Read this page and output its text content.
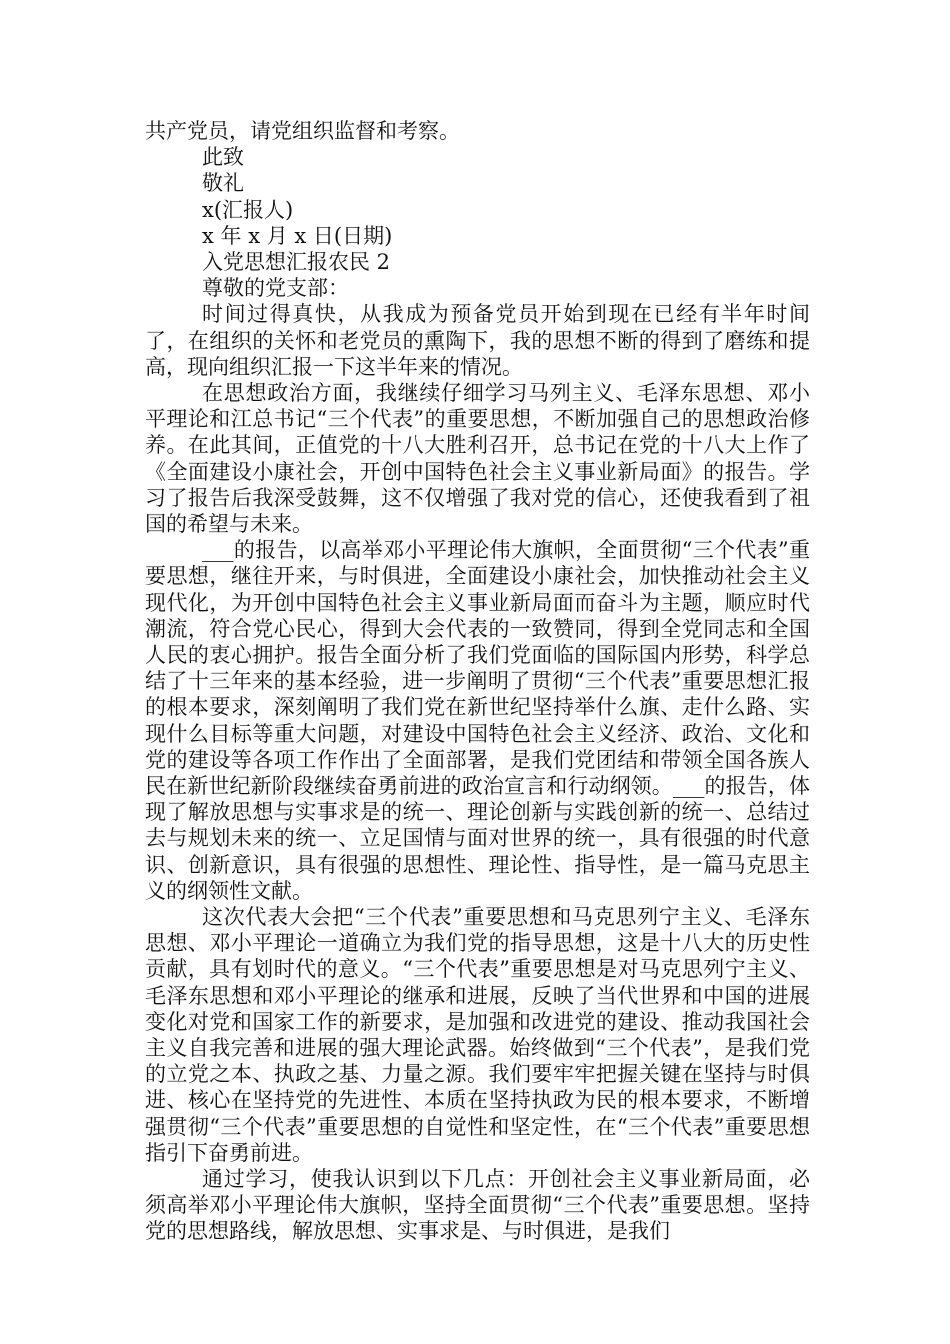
共产党员，请党组织监督和考察。
此致
敬礼
x(汇报人)
x 年 x 月 x 日(日期)
入党思想汇报农民 2
尊敬的党支部：

时间过得真快，从我成为预备党员开始到现在已经有半年时间了，在组织的关怀和老党员的熏陶下，我的思想不断的得到了磨练和提高，现向组织汇报一下这半年来的情况。

在思想政治方面，我继续仔细学习马列主义、毛泽东思想、邓小平理论和江总书记“三个代表”的重要思想，不断加强自己的思想政治修养。在此其间，正值党的十八大胜利召开，总书记在党的十八大上作了《全面建设小康社会，开创中国特色社会主义事业新局面》的报告。学习了报告后我深受鼓舞，这不仅增强了我对党的信心，还使我看到了祖国的希望与未来。

___的报告，以高举邓小平理论伟大旗帜，全面贯彻“三个代表”重要思想，继往开来，与时俱进，全面建设小康社会，加快推动社会主义现代化，为开创中国特色社会主义事业新局面而奋斗为主题，顺应时代潮流，符合党心民心，得到大会代表的一致赞同，得到全党同志和全国人民的衷心拥护。报告全面分析了我们党面临的国际国内形势，科学总结了十三年来的基本经验，进一步阐明了贯彻“三个代表”重要思想汇报的根本要求，深刻阐明了我们党在新世纪坚持举什么旗、走什么路、实现什么目标等重大问题，对建设中国特色社会主义经济、政治、文化和党的建设等各项工作作出了全面部署，是我们党团结和带领全国各族人民在新世纪新阶段继续奋勇前进的政治宣言和行动纲领。___的报告，体现了解放思想与实事求是的统一、理论创新与实践创新的统一、总结过去与规划未来的统一、立足国情与面对世界的统一，具有很强的时代意识、创新意识，具有很强的思想性、理论性、指导性，是一篇马克思主义的纲领性文献。

这次代表大会把“三个代表”重要思想和马克思列宁主义、毛泽东思想、邓小平理论一道确立为我们党的指导思想，这是十八大的历史性贡献，具有划时代的意义。“三个代表”重要思想是对马克思列宁主义、毛泽东思想和邓小平理论的继承和进展，反映了当代世界和中国的进展变化对党和国家工作的新要求，是加强和改进党的建设、推动我国社会主义自我完善和进展的强大理论武器。始终做到“三个代表”，是我们党的立党之本、执政之基、力量之源。我们要牢牢把握关键在坚持与时俱进、核心在坚持党的先进性、本质在坚持执政为民的根本要求，不断增强贯彻“三个代表”重要思想的自觉性和坚定性，在“三个代表”重要思想指引下奋勇前进。

通过学习，使我认识到以下几点：开创社会主义事业新局面，必须高举邓小平理论伟大旗帜，坚持全面贯彻“三个代表”重要思想。坚持党的思想路线，解放思想、实事求是、与时俱进，是我们
